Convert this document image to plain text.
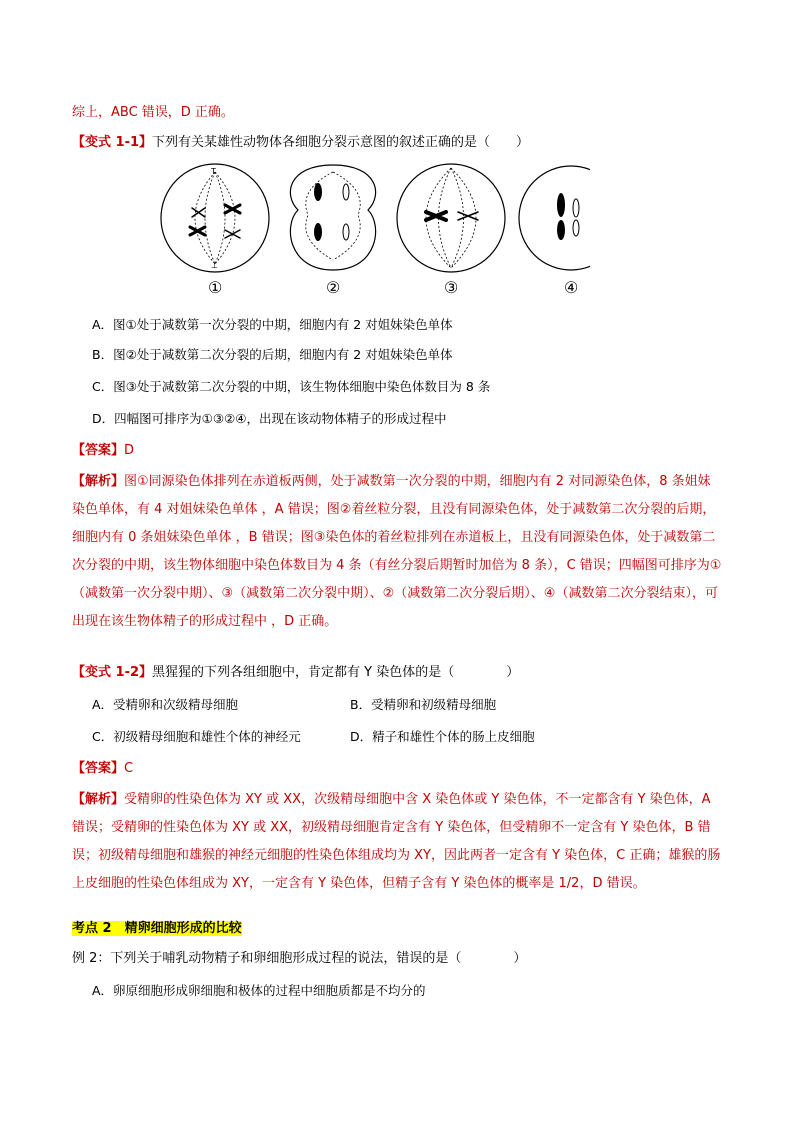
综上，ABC 错误，D 正确。
【变式 1-1】下列有关某雄性动物体各细胞分裂示意图的叙述正确的是（　　）
T
⊥
①	②	③	④
A．图①处于减数第一次分裂的中期，细胞内有 2 对姐妹染色单体
B．图②处于减数第二次分裂的后期，细胞内有 2 对姐妹染色单体
C．图③处于减数第二次分裂的中期，该生物体细胞中染色体数目为 8 条
D．四幅图可排序为①③②④，出现在该动物体精子的形成过程中
【答案】D
【解析】图①同源染色体排列在赤道板两侧，处于减数第一次分裂的中期，细胞内有 2 对同源染色体，8 条姐妹染色单体，有 4 对姐妹染色单体 ，A 错误；图②着丝粒分裂，且没有同源染色体，处于减数第二次分裂的后期，细胞内有 0 条姐妹染色单体 ，B 错误；图③染色体的着丝粒排列在赤道板上，且没有同源染色体，处于减数第二次分裂的中期，该生物体细胞中染色体数目为 4 条（有丝分裂后期暂时加倍为 8 条），C 错误；四幅图可排序为①（减数第一次分裂中期）、③（减数第二次分裂中期）、②（减数第二次分裂后期）、④（减数第二次分裂结束），可出现在该生物体精子的形成过程中 ，D 正确。
【变式 1-2】黑猩猩的下列各组细胞中，肯定都有 Y 染色体的是（　　　　）
A．受精卵和次级精母细胞	B．受精卵和初级精母细胞
C．初级精母细胞和雄性个体的神经元	D．精子和雄性个体的肠上皮细胞
【答案】C
【解析】受精卵的性染色体为 XY 或 XX，次级精母细胞中含 X 染色体或 Y 染色体，不一定都含有 Y 染色体，A 错误；受精卵的性染色体为 XY 或 XX，初级精母细胞肯定含有 Y 染色体，但受精卵不一定含有 Y 染色体，B 错误；初级精母细胞和雄猴的神经元细胞的性染色体组成均为 XY，因此两者一定含有 Y 染色体，C 正确；雄猴的肠上皮细胞的性染色体组成为 XY，一定含有 Y 染色体，但精子含有 Y 染色体的概率是 1/2，D 错误。
考点 2　精卵细胞形成的比较
例 2：下列关于哺乳动物精子和卵细胞形成过程的说法，错误的是（　　　　）
A．卵原细胞形成卵细胞和极体的过程中细胞质都是不均分的
